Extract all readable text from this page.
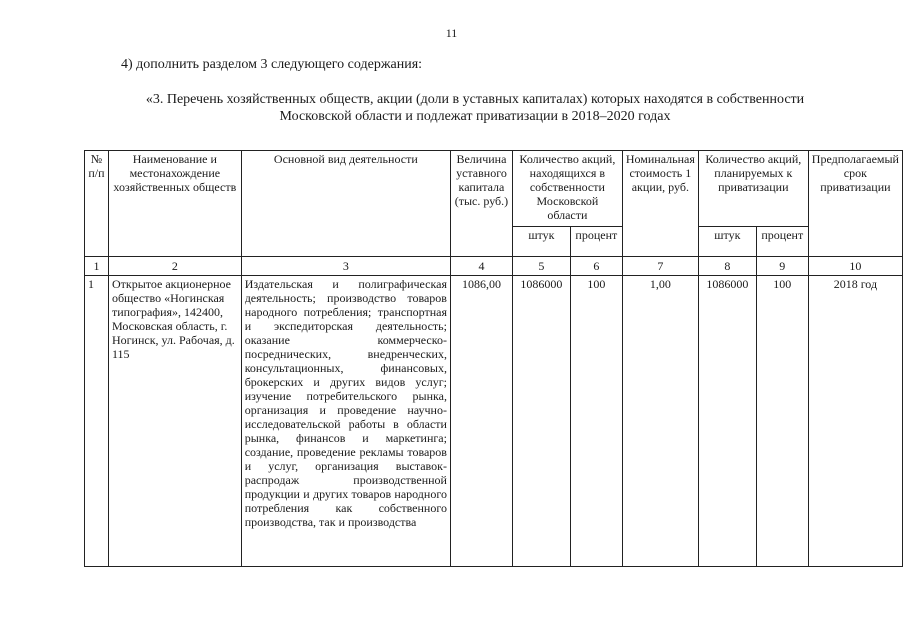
11
4) дополнить разделом 3 следующего содержания:
«3. Перечень хозяйственных обществ, акции (доли в уставных капиталах) которых находятся в собственности
Московской области и подлежат приватизации в 2018–2020 годах
№ п/п	Наименование и местонахождение хозяйственных обществ	Основной вид деятельности	Величина уставного капитала (тыс. руб.)	Количество акций, находящихся в собственности Московской области		Номинальная стоимость 1 акции, руб.	Количество акций, планируемых к приватизации		Предполагаемый срок приватизации
				штук	процент		штук	процент	
1	2	3	4	5	6	7	8	9	10
1	Открытое акционерное общество «Ногинская типография», 142400, Московская область, г. Ногинск, ул. Рабочая, д. 115	Издательская и полиграфическая деятельность; производство товаров народного потребления; транспортная и экспедиторская деятельность; оказание коммерческо-посреднических, внедренческих, консультационных, финансовых, брокерских и других видов услуг; изучение потребительского рынка, организация и проведение научно-исследовательской работы в области рынка, финансов и маркетинга; создание, проведение рекламы товаров и услуг, организация выставок-распродаж производственной продукции и других товаров народного потребления как собственного производства, так и производства	1086,00	1086000	100	1,00	1086000	100	2018 год
